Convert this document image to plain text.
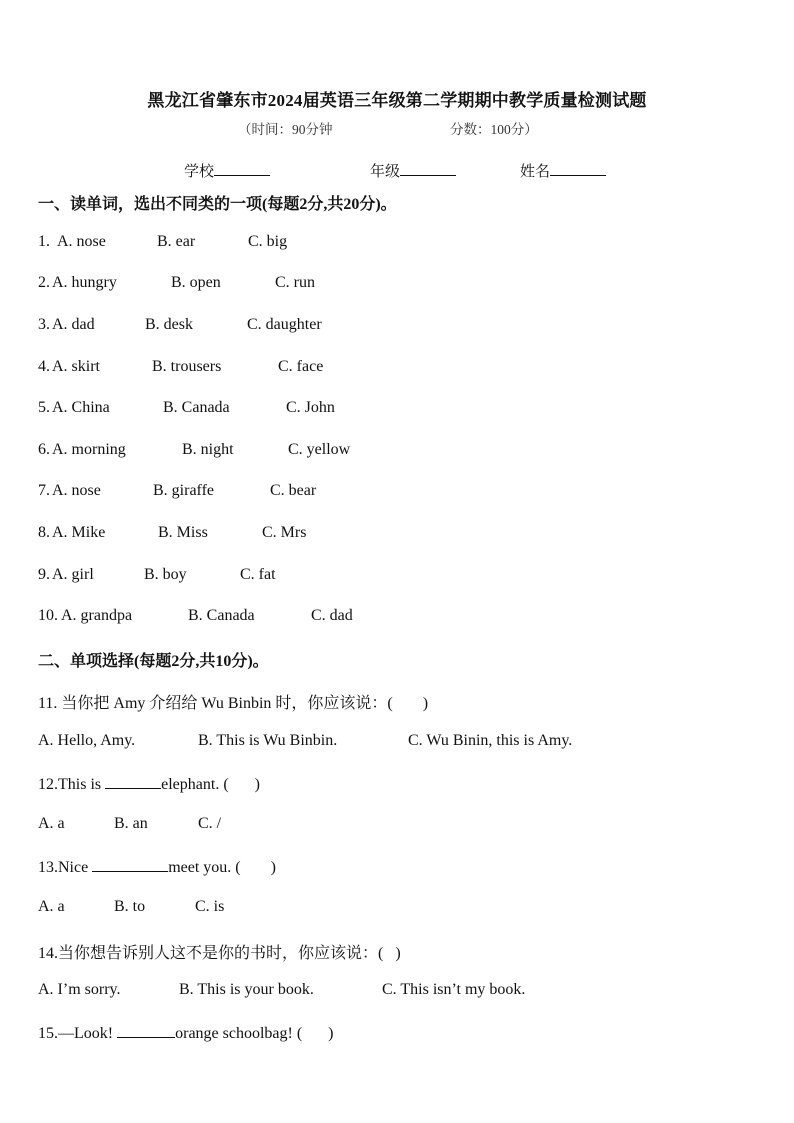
黑龙江省肇东市2024届英语三年级第二学期期中教学质量检测试题
（时间：90分钟	分数：100分）
学校	年级	姓名
一、读单词，选出不同类的一项(每题2分,共20分)。
1. A. nose	B. ear	C. big
2. A. hungry	B. open	C. run
3. A. dad	B. desk	C. daughter
4. A. skirt	B. trousers	C. face
5. A. China	B. Canada	C. John
6. A. morning	B. night	C. yellow
7. A. nose	B. giraffe	C. bear
8. A. Mike	B. Miss	C. Mrs
9. A. girl	B. boy	C. fat
10. A. grandpa	B. Canada	C. dad
二、单项选择(每题2分,共10分)。
11. 当你把 Amy 介绍给 Wu Binbin 时，你应该说：( )
A. Hello, Amy.	B. This is Wu Binbin.	C. Wu Binin, this is Amy.
12.This is	elephant. ( )
A. a	B. an	C. /
13.Nice	meet you. ( )
A. a	B. to	C. is
14.当你想告诉别人这不是你的书时，你应该说：( )
A. I’m sorry.	B. This is your book.	C. This isn’t my book.
15.—Look!	orange schoolbag! ( )
